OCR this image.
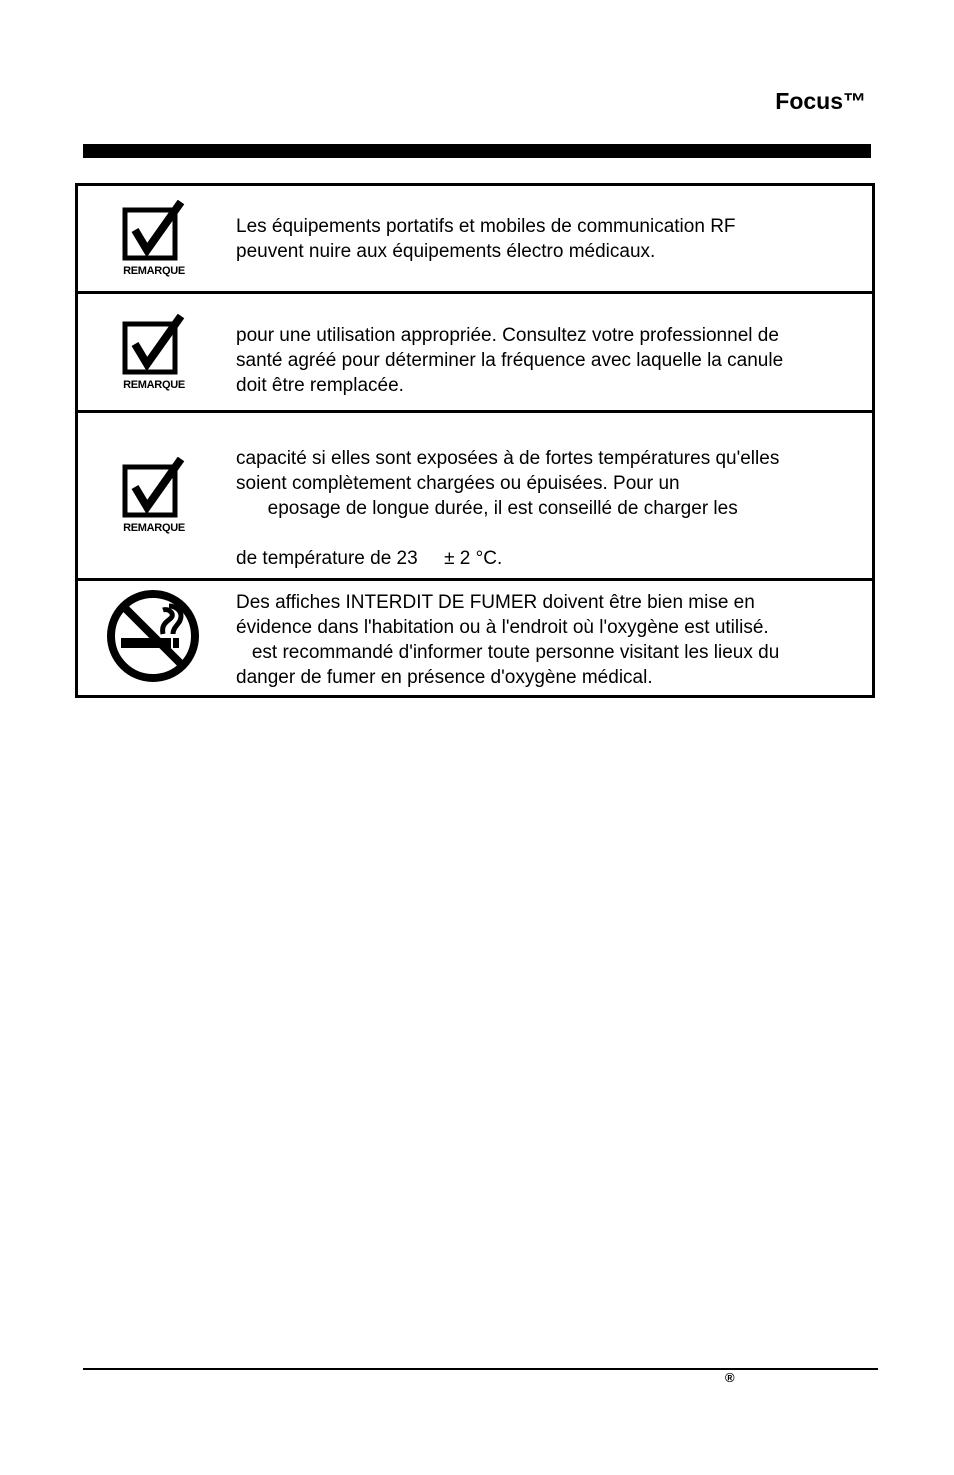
Focus™
REMARQUE
Les équipements portatifs et mobiles de communication RF
peuvent nuire aux équipements électro médicaux.
REMARQUE
pour une utilisation appropriée. Consultez votre professionnel de
santé agréé pour déterminer la fréquence avec laquelle la canule
doit être remplacée.
REMARQUE
capacité si elles sont exposées à de fortes températures qu'elles
soient complètement chargées ou épuisées. Pour un
eposage de longue durée, il est conseillé de charger les

de température de 23     ± 2 °C.
Des affiches INTERDIT DE FUMER doivent être bien mise en
évidence dans l'habitation ou à l'endroit où l'oxygène est utilisé.
est recommandé d'informer toute personne visitant les lieux du
danger de fumer en présence d'oxygène médical.
®
